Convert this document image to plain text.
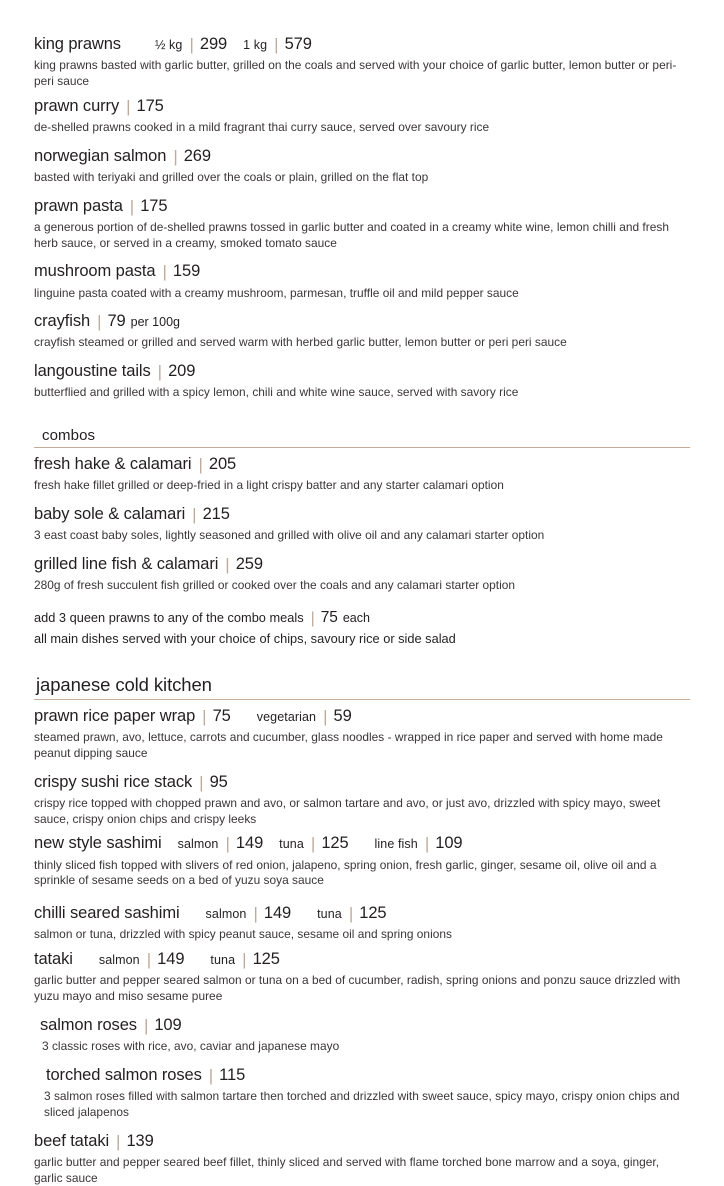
king prawns	½ kg | 299 1 kg | 579
king prawns basted with garlic butter, grilled on the coals and served with your choice of garlic butter, lemon butter or peri-peri sauce
prawn curry | 175
de-shelled prawns cooked in a mild fragrant thai curry sauce, served over savoury rice
norwegian salmon | 269
basted with teriyaki and grilled over the coals or plain, grilled on the flat top
prawn pasta | 175
a generous portion of de-shelled prawns tossed in garlic butter and coated in a creamy white wine, lemon chilli and fresh herb sauce, or served in a creamy, smoked tomato sauce
mushroom pasta | 159
linguine pasta coated with a creamy mushroom, parmesan, truffle oil and mild pepper sauce
crayfish | 79 per 100g
crayfish steamed or grilled and served warm with herbed garlic butter, lemon butter or peri peri sauce
langoustine tails | 209
butterflied and grilled with a spicy lemon, chili and white wine sauce, served with savory rice
combos
fresh hake & calamari | 205
fresh hake fillet grilled or deep-fried in a light crispy batter and any starter calamari option
baby sole & calamari | 215
3 east coast baby soles, lightly seasoned and grilled with olive oil and any calamari starter option
grilled line fish & calamari | 259
280g of fresh succulent fish grilled or cooked over the coals and any calamari starter option
add 3 queen prawns to any of the combo meals | 75 each
all main dishes served with your choice of chips, savoury rice or side salad
japanese cold kitchen
prawn rice paper wrap | 75 vegetarian | 59
steamed prawn, avo, lettuce, carrots and cucumber, glass noodles - wrapped in rice paper and served with home made peanut dipping sauce
crispy sushi rice stack | 95
crispy rice topped with chopped prawn and avo, or salmon tartare and avo, or just avo, drizzled with spicy mayo, sweet sauce, crispy onion chips and crispy leeks
new style sashimi salmon | 149 tuna | 125 line fish | 109
thinly sliced fish topped with slivers of red onion, jalapeno, spring onion, fresh garlic, ginger, sesame oil, olive oil and a sprinkle of sesame seeds on a bed of yuzu soya sauce
chilli seared sashimi salmon | 149 tuna | 125
salmon or tuna, drizzled with spicy peanut sauce, sesame oil and spring onions
tataki salmon | 149 tuna | 125
garlic butter and pepper seared salmon or tuna on a bed of cucumber, radish, spring onions and ponzu sauce drizzled with yuzu mayo and miso sesame puree
salmon roses | 109
3 classic roses with rice, avo, caviar and japanese mayo
torched salmon roses | 115
3 salmon roses filled with salmon tartare then torched and drizzled with sweet sauce, spicy mayo, crispy onion chips and sliced jalapenos
beef tataki | 139
garlic butter and pepper seared beef fillet, thinly sliced and served with flame torched bone marrow and a soya, ginger, garlic sauce
